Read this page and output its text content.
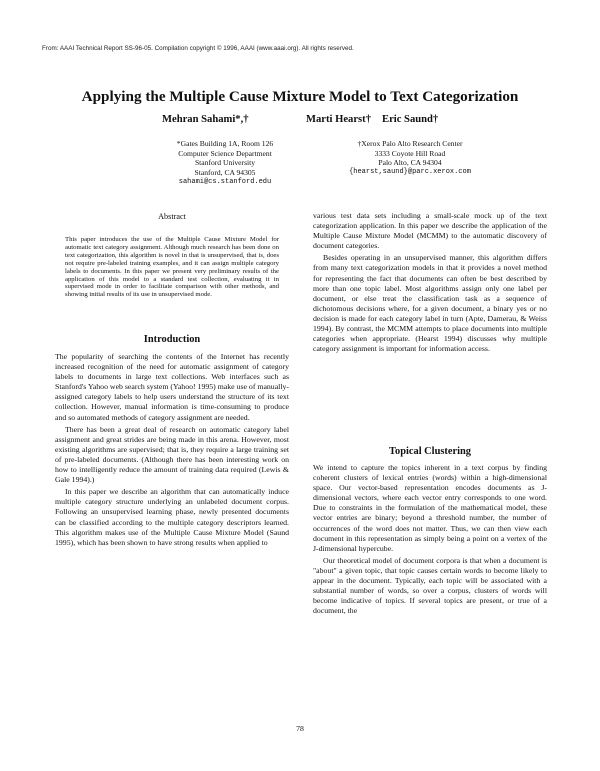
From: AAAI Technical Report SS-96-05. Compilation copyright © 1996, AAAI (www.aaai.org). All rights reserved.
Applying the Multiple Cause Mixture Model to Text Categorization
Mehran Sahami*,†	Marti Hearst† Eric Saund†
*Gates Building 1A, Room 126
Computer Science Department
Stanford University
Stanford, CA 94305
sahami@cs.stanford.edu
†Xerox Palo Alto Research Center
3333 Coyote Hill Road
Palo Alto, CA 94304
{hearst,saund}@parc.xerox.com
Abstract
This paper introduces the use of the Multiple Cause Mixture Model for automatic text category assignment. Although much research has been done on text categorization, this algorithm is novel in that is unsupervised, that is, does not require pre-labeled training examples, and it can assign multiple category labels to documents. In this paper we present very preliminary results of the application of this model to a standard test collection, evaluating it in supervised mode in order to facilitate comparison with other methods, and showing initial results of its use in unsupervised mode.
Introduction

The popularity of searching the contents of the Internet has recently increased recognition of the need for automatic assignment of category labels to documents in large text collections. Web interfaces such as Stanford's Yahoo web search system (Yahoo! 1995) make use of manually-assigned category labels to help users understand the structure of its text collection. However, manual information is time-consuming to produce and so automated methods of category assignment are needed.

There has been a great deal of research on automatic category label assignment and great strides are being made in this arena. However, most existing algorithms are supervised; that is, they require a large training set of pre-labeled documents. (Although there has been interesting work on how to intelligently reduce the amount of training data required (Lewis & Gale 1994).)

In this paper we describe an algorithm that can automatically induce multiple category structure underlying an unlabeled document corpus. Following an unsupervised learning phase, newly presented documents can be classified according to the multiple category descriptors learned. This algorithm makes use of the Multiple Cause Mixture Model (Saund 1995), which has been shown to have strong results when applied to

various test data sets including a small-scale mock up of the text categorization application. In this paper we describe the application of the Multiple Cause Mixture Model (MCMM) to the automatic discovery of document categories.

Besides operating in an unsupervised manner, this algorithm differs from many text categorization models in that it provides a novel method for representing the fact that documents can often be best described by more than one topic label. Most algorithms assign only one label per document, or else treat the classification task as a sequence of dichotomous decisions where, for a given document, a binary yes or no decision is made for each category label in turn (Apte, Damerau, & Weiss 1994). By contrast, the MCMM attempts to place documents into multiple categories when appropriate. (Hearst 1994) discusses why multiple category assignment is important for information access.

Topical Clustering

We intend to capture the topics inherent in a text corpus by finding coherent clusters of lexical entries (words) within a high-dimensional space. Our vector-based representation encodes documents as J-dimensional vectors, where each vector entry corresponds to one word. Due to constraints in the formulation of the mathematical model, these vector entries are binary; beyond a threshold number, the number of occurrences of the word does not matter. Thus, we can then view each document in this representation as simply being a point on a vertex of the J-dimensional hypercube.

Our theoretical model of document corpora is that when a document is "about" a given topic, that topic causes certain words to become likely to appear in the document. Typically, each topic will be associated with a substantial number of words, so over a corpus, clusters of words will become indicative of topics. If several topics are present, or true of a document, the

78
